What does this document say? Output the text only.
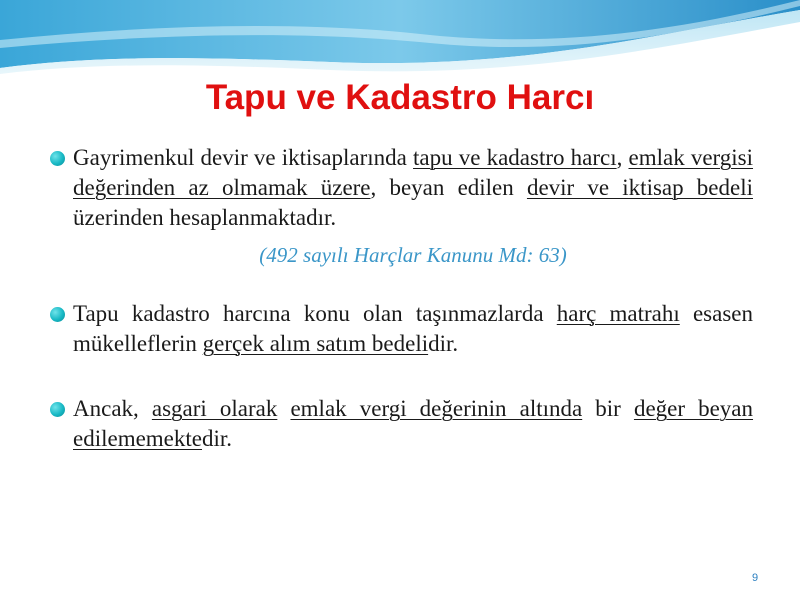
Tapu ve Kadastro Harcı
Gayrimenkul devir ve iktisaplarında tapu ve kadastro harcı, emlak vergisi değerinden az olmamak üzere, beyan edilen devir ve iktisap bedeli üzerinden hesaplanmaktadır.
(492 sayılı Harçlar Kanunu Md: 63)
Tapu kadastro harcına konu olan taşınmazlarda harç matrahı esasen mükelleflerin gerçek alım satım bedelidir.
Ancak, asgari olarak emlak vergi değerinin altında bir değer beyan edilememektedir.
9
